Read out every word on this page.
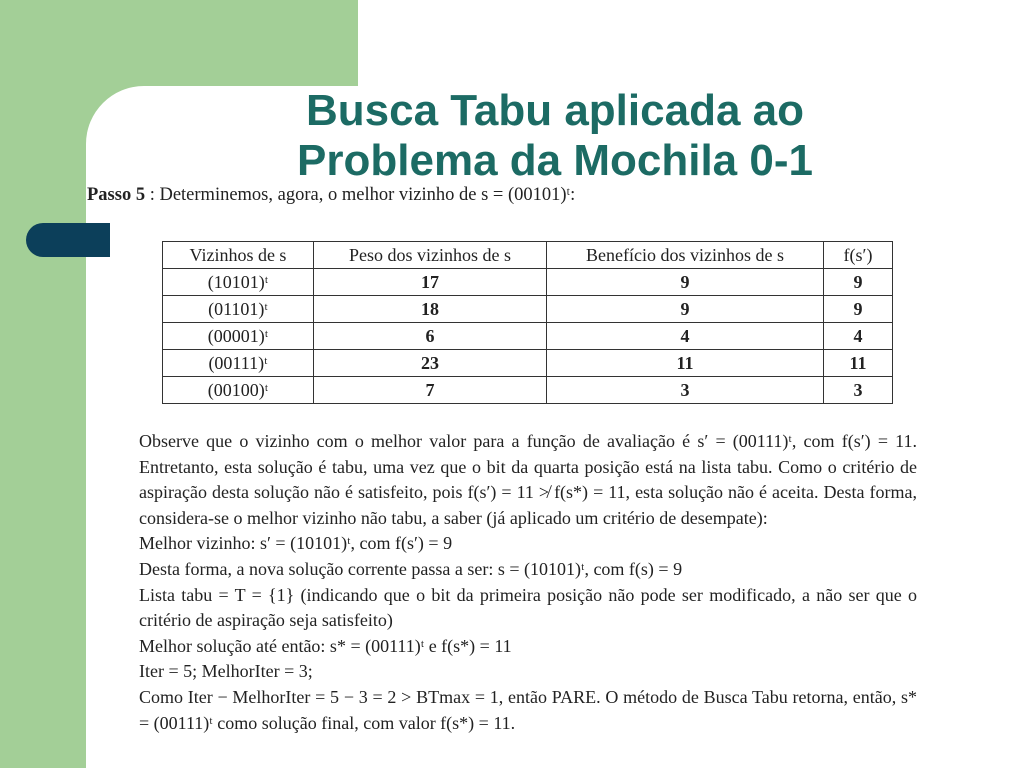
Busca Tabu aplicada ao
Problema da Mochila 0-1
Passo 5 : Determinemos, agora, o melhor vizinho de s = (00101)ᵗ:
Vizinhos de s	Peso dos vizinhos de s	Benefício dos vizinhos de s	f(s′)
(10101)ᵗ	17	9	9
(01101)ᵗ	18	9	9
(00001)ᵗ	6	4	4
(00111)ᵗ	23	11	11
(00100)ᵗ	7	3	3

Observe que o vizinho com o melhor valor para a função de avaliação é s′ = (00111)ᵗ, com f(s′) = 11. Entretanto, esta solução é tabu, uma vez que o bit da quarta posição está na lista tabu. Como o critério de aspiração desta solução não é satisfeito, pois f(s′) = 11 ≯ f(s*) = 11, esta solução não é aceita. Desta forma, considera-se o melhor vizinho não tabu, a saber (já aplicado um critério de desempate):

Melhor vizinho: s′ = (10101)ᵗ, com f(s′) = 9

Desta forma, a nova solução corrente passa a ser: s = (10101)ᵗ, com f(s) = 9

Lista tabu = T = {1} (indicando que o bit da primeira posição não pode ser modificado, a não ser que o critério de aspiração seja satisfeito)

Melhor solução até então: s* = (00111)ᵗ e f(s*) = 11

Iter = 5; MelhorIter = 3;

Como Iter − MelhorIter = 5 − 3 = 2 > BTmax = 1, então PARE. O método de Busca Tabu retorna, então, s* = (00111)ᵗ como solução final, com valor f(s*) = 11.
